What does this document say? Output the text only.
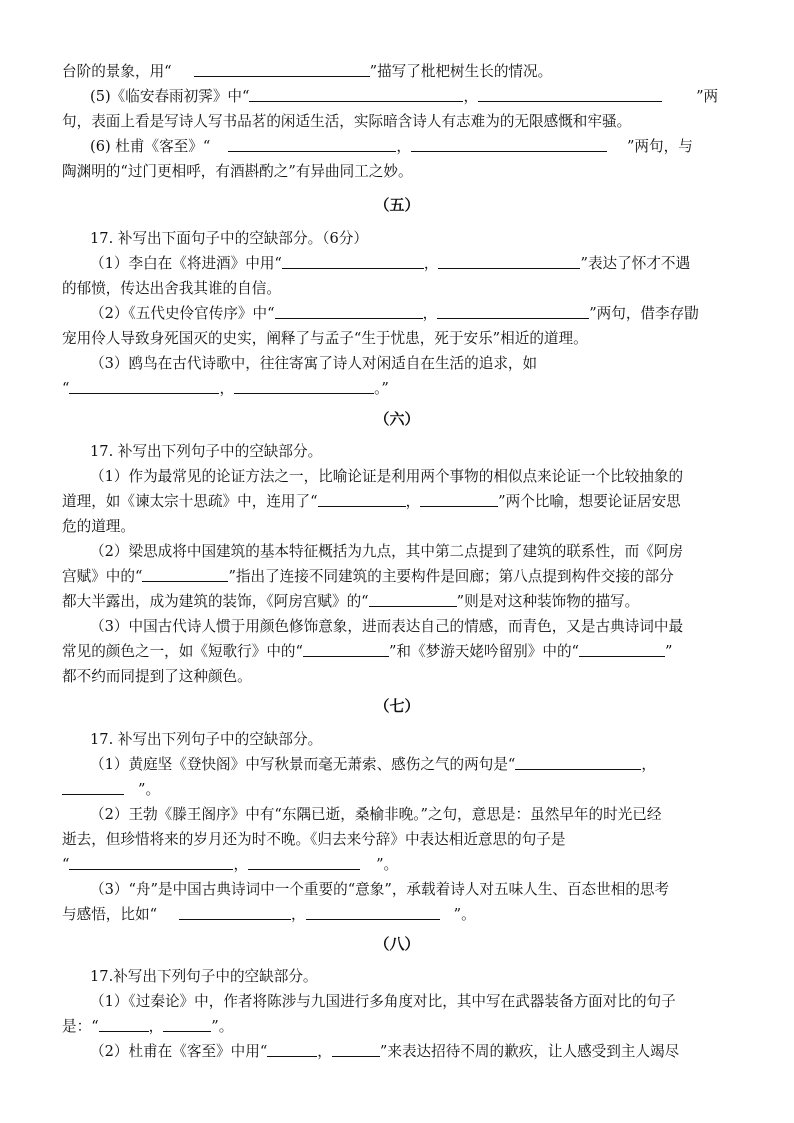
台阶的景象，用“	”描写了枇杷树生长的情况。
(5)《临安春雨初霁》中“	，	”两
句，表面上看是写诗人写书品茗的闲适生活，实际暗含诗人有志难为的无限感慨和牢骚。
(6) 杜甫《客至》“	，	”两句，与
陶渊明的“过门更相呼，有酒斟酌之”有异曲同工之妙。
（五）
17. 补写出下面句子中的空缺部分。（6分）
（1）李白在《将进酒》中用“	，	”表达了怀才不遇
的郁愤，传达出舍我其谁的自信。
（2）《五代史伶官传序》中“	，	”两句，借李存勖
宠用伶人导致身死国灭的史实，阐释了与孟子“生于忧患，死于安乐”相近的道理。
（3）鸥鸟在古代诗歌中，往往寄寓了诗人对闲适自在生活的追求，如
“	，	。”
（六）
17. 补写出下列句子中的空缺部分。
（1）作为最常见的论证方法之一，比喻论证是利用两个事物的相似点来论证一个比较抽象的
道理，如《谏太宗十思疏》中，连用了“	，	”两个比喻，想要论证居安思
危的道理。
（2）梁思成将中国建筑的基本特征概括为九点，其中第二点提到了建筑的联系性，而《阿房
宫赋》中的“	”指出了连接不同建筑的主要构件是回廊；第八点提到构件交接的部分
都大半露出，成为建筑的装饰，《阿房宫赋》的“	”则是对这种装饰物的描写。
（3）中国古代诗人惯于用颜色修饰意象，进而表达自己的情感，而青色，又是古典诗词中最
常见的颜色之一，如《短歌行》中的“	”和《梦游天姥吟留别》中的“	”
都不约而同提到了这种颜色。
（七）
17. 补写出下列句子中的空缺部分。
（1）黄庭坚《登快阁》中写秋景而毫无萧索、感伤之气的两句是“	，
”。
（2）王勃《滕王阁序》中有“东隅已逝，桑榆非晚。”之句，意思是：虽然早年的时光已经
逝去，但珍惜将来的岁月还为时不晚。《归去来兮辞》中表达相近意思的句子是
“	，	”。
（3）“舟”是中国古典诗词中一个重要的“意象”，承载着诗人对五味人生、百态世相的思考
与感悟，比如“	，	”。
（八）
17.补写出下列句子中的空缺部分。
（1）《过秦论》中，作者将陈涉与九国进行多角度对比，其中写在武器装备方面对比的句子
是：“	，	”。
（2）杜甫在《客至》中用“	，	”来表达招待不周的歉疚，让人感受到主人竭尽
